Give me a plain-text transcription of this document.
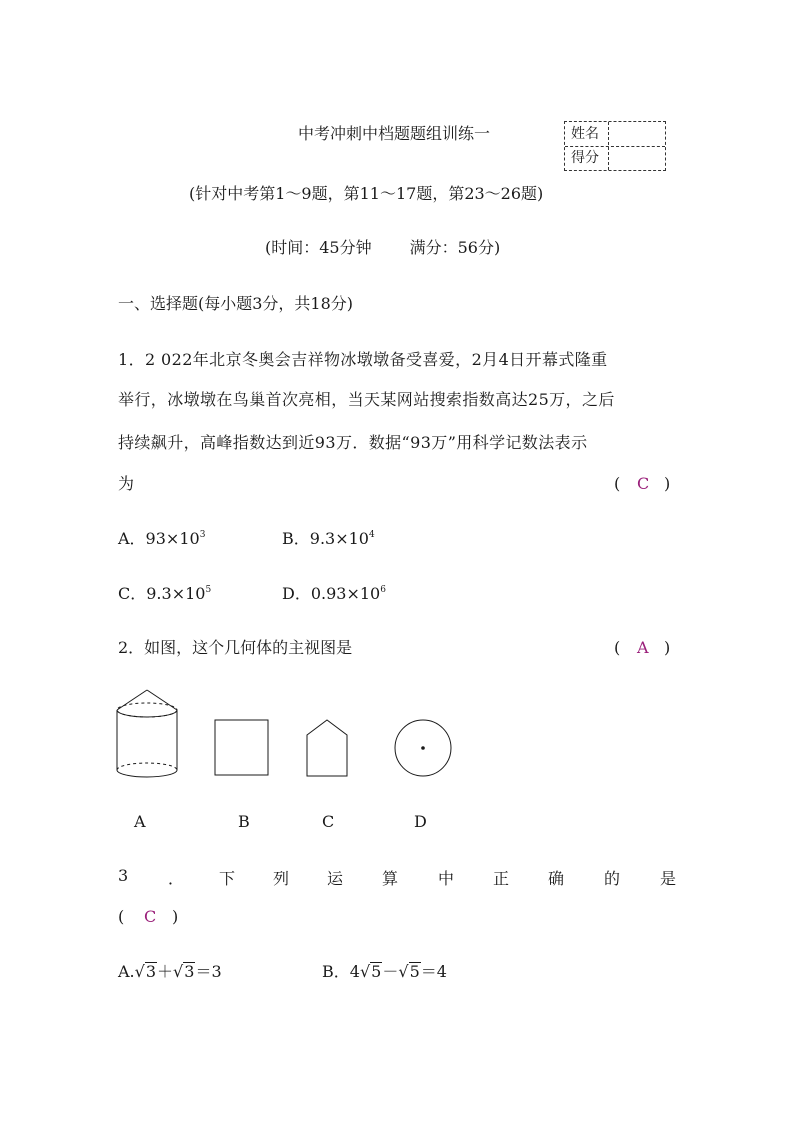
中考冲刺中档题题组训练一	姓名
得分
(针对中考第1～9题，第11～17题，第23～26题)
(时间：45分钟 满分：56分)
一、选择题(每小题3分，共18分)
1．2 022年北京冬奥会吉祥物冰墩墩备受喜爱，2月4日开幕式隆重
举行，冰墩墩在鸟巢首次亮相，当天某网站搜索指数高达25万，之后
持续飙升，高峰指数达到近93万．数据“93万”用科学记数法表示
为	( C )
A．$93\times 10^3$	B．$9.3\times 10^4$
C．$9.3\times 10^5$	D．$0.93\times 10^6$
2．如图，这个几何体的主视图是	( A )
A	B	C	D
3 ． 下 列 运 算 中 正 确 的 是
( C )
A.√3＋√3＝3	B．4√5－√5＝4
